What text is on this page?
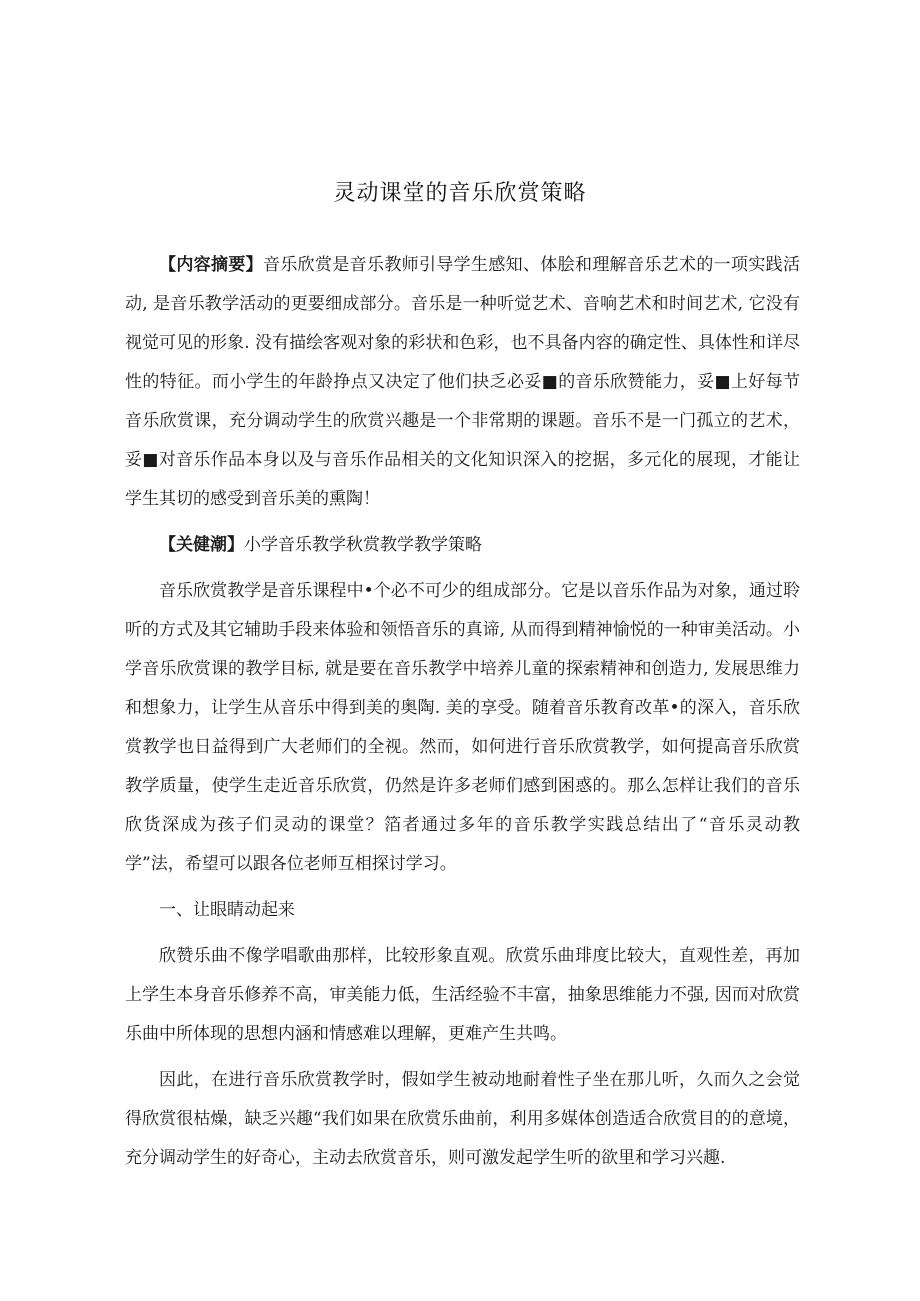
灵动课堂的音乐欣赏策略

【内容摘要】音乐欣赏是音乐教师引导学生感知、体脍和理解音乐艺术的一项实践活动, 是音乐教学活动的更要细成部分。音乐是一种听觉艺术、音响艺术和时间艺术, 它没有视觉可见的形象. 没有描绘客观对象的彩状和色彩，也不具备内容的确定性、具体性和详尽性的特征。而小学生的年龄挣点又决定了他们抉乏必妥■的音乐欣赞能力，妥■上好每节音乐欣赏课，充分调动学生的欣赏兴趣是一个非常期的课题。音乐不是一门孤立的艺术，妥■对音乐作品本身以及与音乐作品相关的文化知识深入的挖据，多元化的展现，才能让学生其切的感受到音乐美的熏陶！

【关健潮】小学音乐教学秋赏教学教学策略

音乐欣赏教学是音乐课程中•个必不可少的组成部分。它是以音乐作品为对象，通过聆听的方式及其它辅助手段来体验和领悟音乐的真谛, 从而得到精神愉悦的一种审美活动。小学音乐欣赏课的教学目标, 就是要在音乐教学中培养儿童的探索精神和创造力, 发展思维力和想象力，让学生从音乐中得到美的奥陶. 美的享受。随着音乐教育改革•的深入，音乐欣赏教学也日益得到广大老师们的全视。然而，如何进行音乐欣赏教学，如何提高音乐欣赏教学质量，使学生走近音乐欣赏，仍然是许多老师们感到困惑的。那么怎样让我们的音乐欣货深成为孩子们灵动的课堂？箔者通过多年的音乐教学实践总结出了“音乐灵动教学”法，希望可以跟各位老师互相探讨学习。

一、让眼睛动起来

欣赞乐曲不像学唱歌曲那样，比较形象直观。欣赏乐曲琲度比较大，直观性差，再加上学生本身音乐修养不高，审美能力低，生活经验不丰富，抽象思维能力不强, 因而对欣赏乐曲中所体现的思想内涵和情感难以理解，更难产生共鸣。

因此，在进行音乐欣赏教学时，假如学生被动地耐着性子坐在那儿听，久而久之会觉得欣赏很枯燥，缺乏兴趣“我们如果在欣赏乐曲前，利用多媒体创造适合欣赏目的的意境，充分调动学生的好奇心，主动去欣赏音乐，则可激发起学生听的欲里和学习兴趣.
